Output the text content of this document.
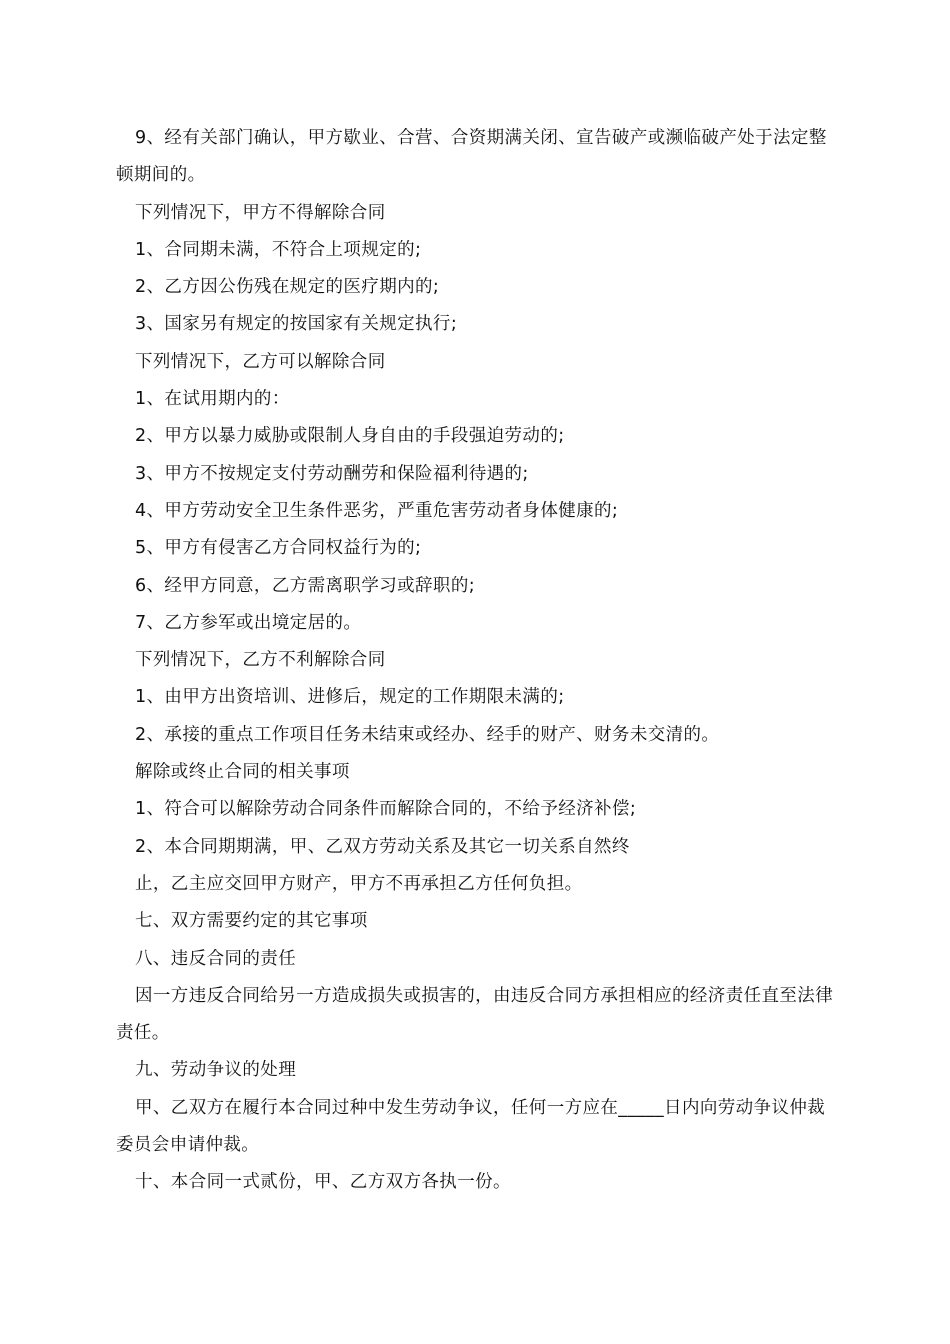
9、经有关部门确认，甲方歇业、合营、合资期满关闭、宣告破产或濒临破产处于法定整顿期间的。

下列情况下，甲方不得解除合同

1、合同期未满，不符合上项规定的;

2、乙方因公伤残在规定的医疗期内的;

3、国家另有规定的按国家有关规定执行;

下列情况下，乙方可以解除合同

1、在试用期内的：

2、甲方以暴力威胁或限制人身自由的手段强迫劳动的;

3、甲方不按规定支付劳动酬劳和保险福利待遇的;

4、甲方劳动安全卫生条件恶劣，严重危害劳动者身体健康的;

5、甲方有侵害乙方合同权益行为的;

6、经甲方同意，乙方需离职学习或辞职的;

7、乙方参军或出境定居的。

下列情况下，乙方不利解除合同

1、由甲方出资培训、进修后，规定的工作期限未满的;

2、承接的重点工作项目任务未结束或经办、经手的财产、财务未交清的。

解除或终止合同的相关事项

1、符合可以解除劳动合同条件而解除合同的，不给予经济补偿;

2、本合同期期满，甲、乙双方劳动关系及其它一切关系自然终

止，乙主应交回甲方财产，甲方不再承担乙方任何负担。

七、双方需要约定的其它事项

八、违反合同的责任

因一方违反合同给另一方造成损失或损害的，由违反合同方承担相应的经济责任直至法律责任。

九、劳动争议的处理

甲、乙双方在履行本合同过种中发生劳动争议，任何一方应在_____日内向劳动争议仲裁委员会申请仲裁。

十、本合同一式贰份，甲、乙方双方各执一份。
